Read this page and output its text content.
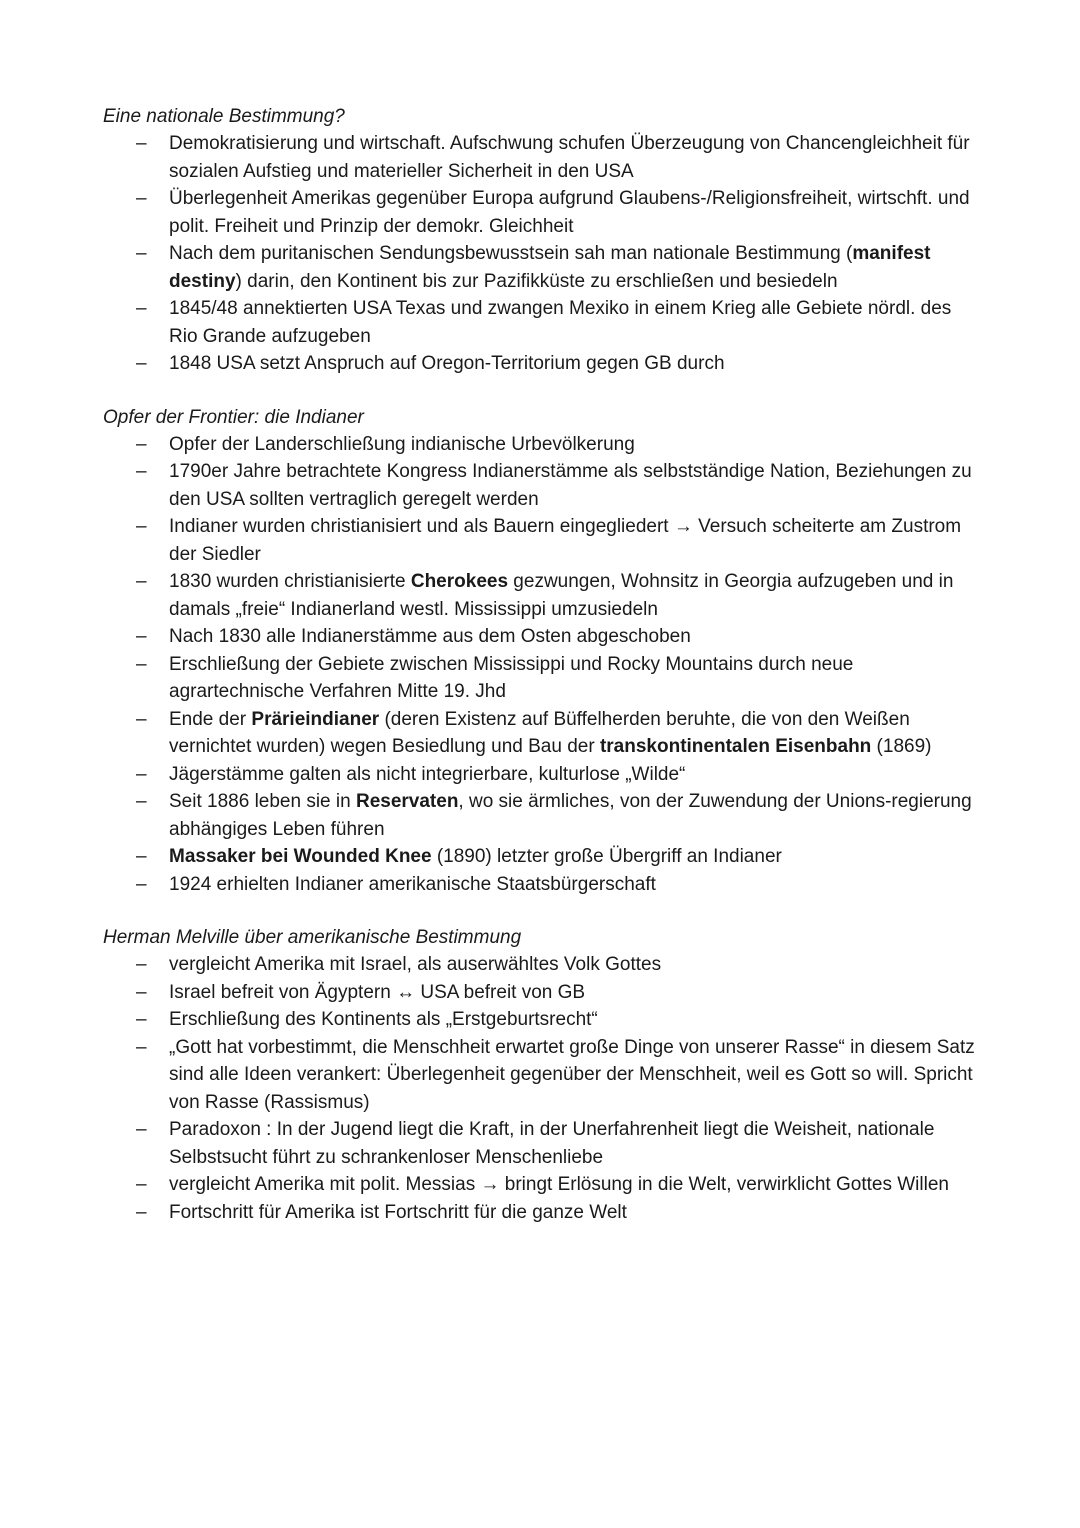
Eine nationale Bestimmung?
– Demokratisierung und wirtschaft. Aufschwung schufen Überzeugung von Chancengleichheit für sozialen Aufstieg und materieller Sicherheit in den USA
– Überlegenheit Amerikas gegenüber Europa aufgrund Glaubens-/Religionsfreiheit, wirtschft. und polit. Freiheit und Prinzip der demokr. Gleichheit
– Nach dem puritanischen Sendungsbewusstsein sah man nationale Bestimmung (manifest destiny) darin, den Kontinent bis zur Pazifikküste zu erschließen und besiedeln
– 1845/48 annektierten USA Texas und zwangen Mexiko in einem Krieg alle Gebiete nördl. des Rio Grande aufzugeben
– 1848 USA setzt Anspruch auf Oregon-Territorium gegen GB durch
Opfer der Frontier: die Indianer
– Opfer der Landerschließung indianische Urbevölkerung
– 1790er Jahre betrachtete Kongress Indianerstämme als selbstständige Nation, Beziehungen zu den USA sollten vertraglich geregelt werden
– Indianer wurden christianisiert und als Bauern eingegliedert → Versuch scheiterte am Zustrom der Siedler
– 1830 wurden christianisierte Cherokees gezwungen, Wohnsitz in Georgia aufzugeben und in damals „freie“ Indianerland westl. Mississippi umzusiedeln
– Nach 1830 alle Indianerstämme aus dem Osten abgeschoben
– Erschließung der Gebiete zwischen Mississippi und Rocky Mountains durch neue agrartechnische Verfahren Mitte 19. Jhd
– Ende der Prärieindianer (deren Existenz auf Büffelherden beruhte, die von den Weißen vernichtet wurden) wegen Besiedlung und Bau der transkontinentalen Eisenbahn (1869)
– Jägerstämme galten als nicht integrierbare, kulturlose „Wilde“
– Seit 1886 leben sie in Reservaten, wo sie ärmliches, von der Zuwendung der Unions-regierung abhängiges Leben führen
– Massaker bei Wounded Knee (1890) letzter große Übergriff an Indianer
– 1924 erhielten Indianer amerikanische Staatsbürgerschaft
Herman Melville über amerikanische Bestimmung
– vergleicht Amerika mit Israel, als auserwähltes Volk Gottes
– Israel befreit von Ägyptern ↔ USA befreit von GB
– Erschließung des Kontinents als „Erstgeburtsrecht“
– „Gott hat vorbestimmt, die Menschheit erwartet große Dinge von unserer Rasse“ in diesem Satz sind alle Ideen verankert: Überlegenheit gegenüber der Menschheit, weil es Gott so will. Spricht von Rasse (Rassismus)
– Paradoxon : In der Jugend liegt die Kraft, in der Unerfahrenheit liegt die Weisheit, nationale Selbstsucht führt zu schrankenloser Menschenliebe
– vergleicht Amerika mit polit. Messias → bringt Erlösung in die Welt, verwirklicht Gottes Willen
– Fortschritt für Amerika ist Fortschritt für die ganze Welt
